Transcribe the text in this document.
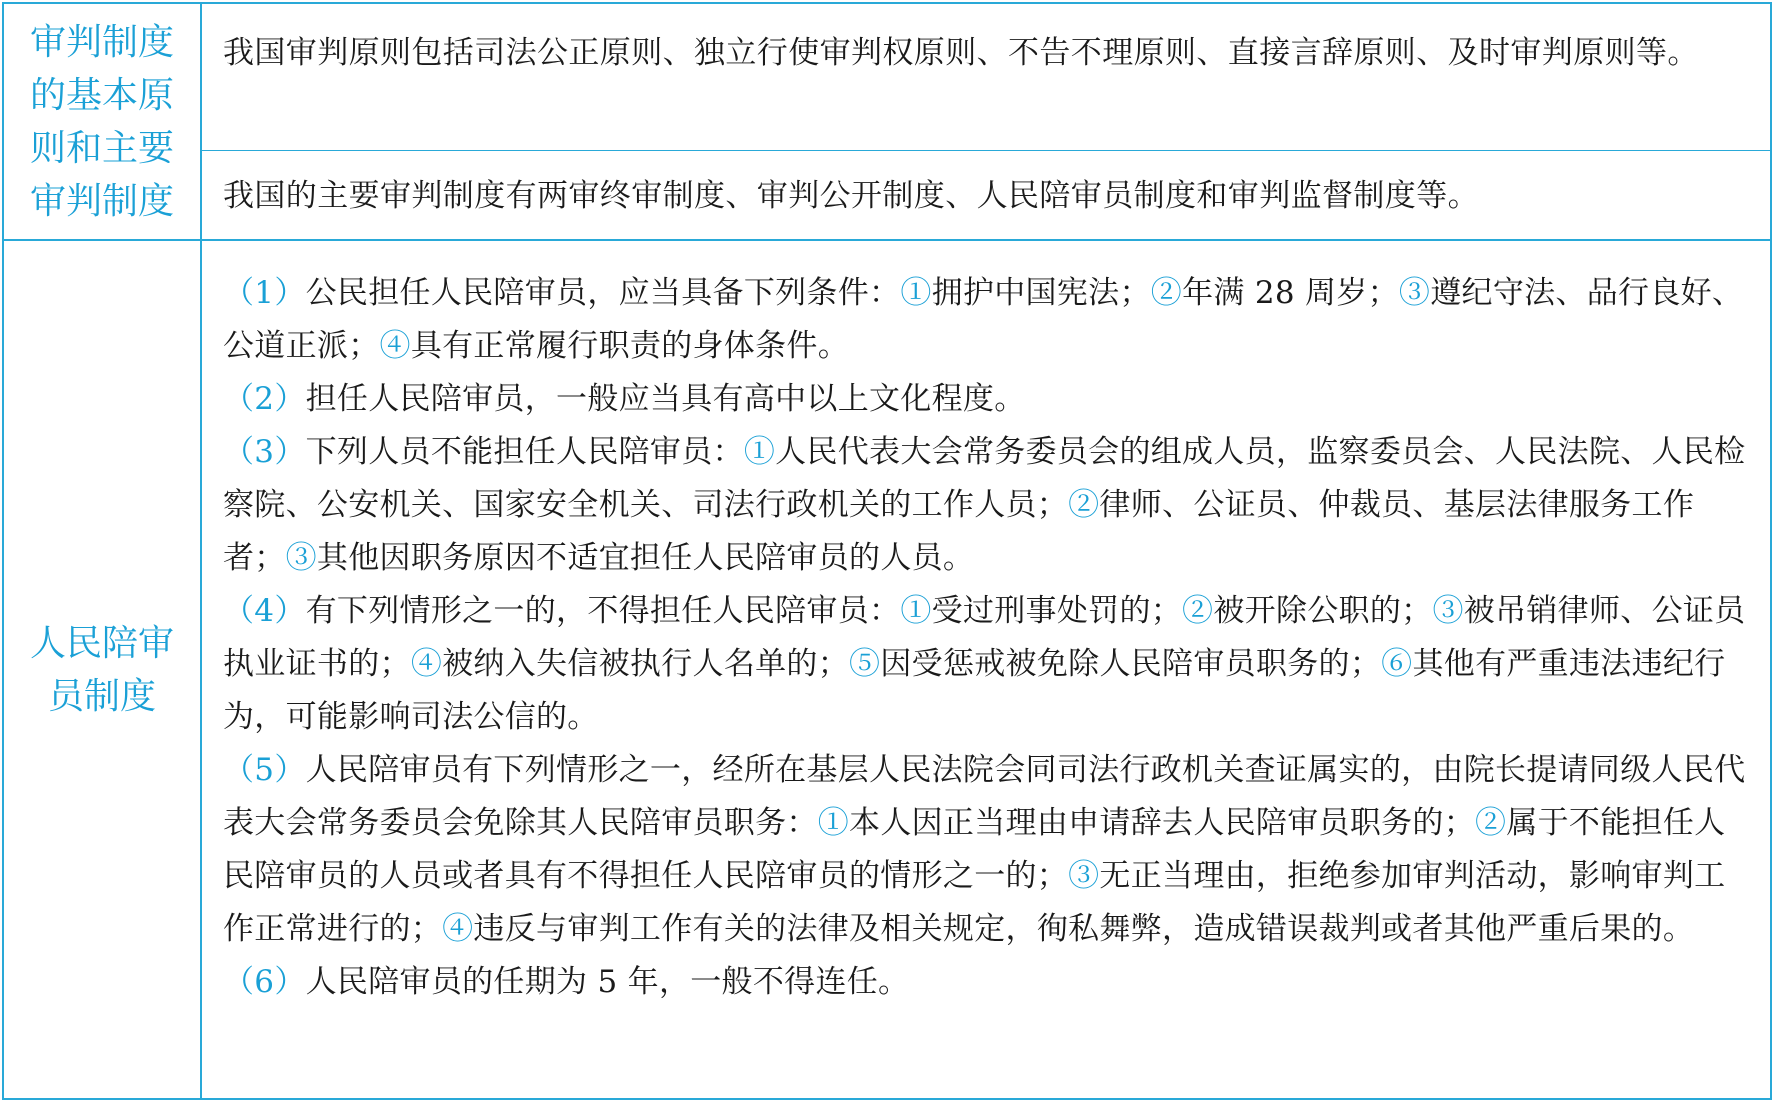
审判制度
的基本原
则和主要
审判制度
我国审判原则包括司法公正原则、独立行使审判权原则、不告不理原则、直接言辞原则、及时审判原则等。
我国的主要审判制度有两审终审制度、审判公开制度、人民陪审员制度和审判监督制度等。
人民陪审
员制度

（1）公民担任人民陪审员，应当具备下列条件：①拥护中国宪法；②年满 28 周岁；③遵纪守法、品行良好、公道正派；④具有正常履行职责的身体条件。

（2）担任人民陪审员，一般应当具有高中以上文化程度。

（3）下列人员不能担任人民陪审员：①人民代表大会常务委员会的组成人员，监察委员会、人民法院、人民检察院、公安机关、国家安全机关、司法行政机关的工作人员；②律师、公证员、仲裁员、基层法律服务工作者；③其他因职务原因不适宜担任人民陪审员的人员。

（4）有下列情形之一的，不得担任人民陪审员：①受过刑事处罚的；②被开除公职的；③被吊销律师、公证员执业证书的；④被纳入失信被执行人名单的；⑤因受惩戒被免除人民陪审员职务的；⑥其他有严重违法违纪行为，可能影响司法公信的。

（5）人民陪审员有下列情形之一，经所在基层人民法院会同司法行政机关查证属实的，由院长提请同级人民代表大会常务委员会免除其人民陪审员职务：①本人因正当理由申请辞去人民陪审员职务的；②属于不能担任人民陪审员的人员或者具有不得担任人民陪审员的情形之一的；③无正当理由，拒绝参加审判活动，影响审判工作正常进行的；④违反与审判工作有关的法律及相关规定，徇私舞弊，造成错误裁判或者其他严重后果的。

（6）人民陪审员的任期为 5 年，一般不得连任。
